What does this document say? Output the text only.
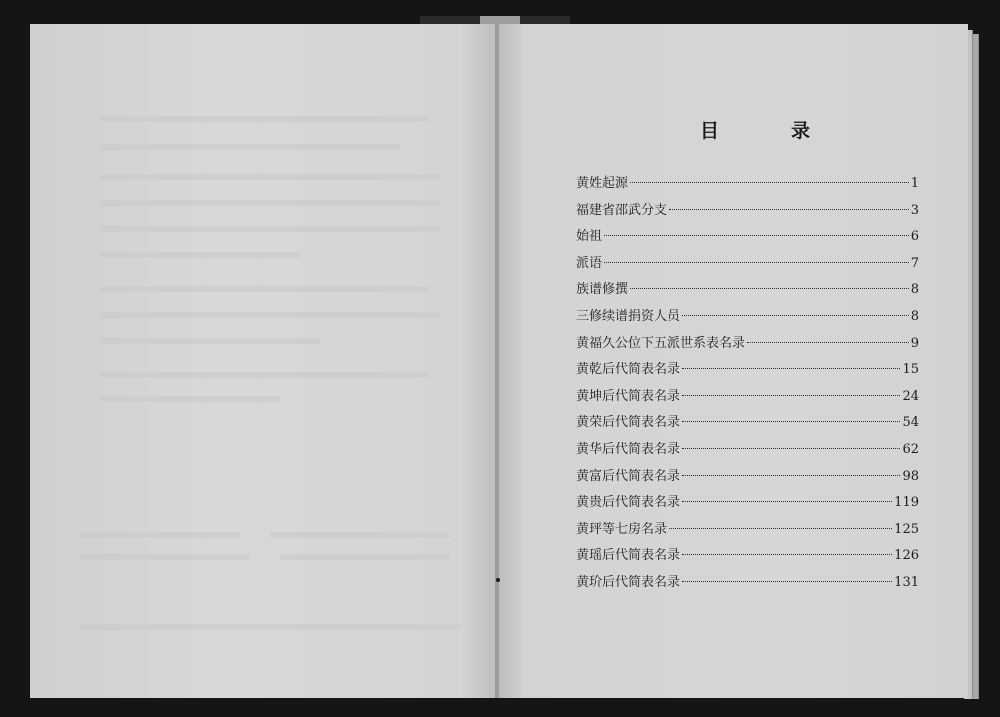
目	录
黄姓起源	1
福建省邵武分支	3
始祖	6
派语	7
族谱修撰	8
三修续谱捐资人员	8
黄福久公位下五派世系表名录	9
黄乾后代简表名录	15
黄坤后代简表名录	24
黄荣后代简表名录	54
黄华后代简表名录	62
黄富后代简表名录	98
黄贵后代简表名录	119
黄玶等七房名录	125
黄瑶后代简表名录	126
黄玠后代简表名录	131
